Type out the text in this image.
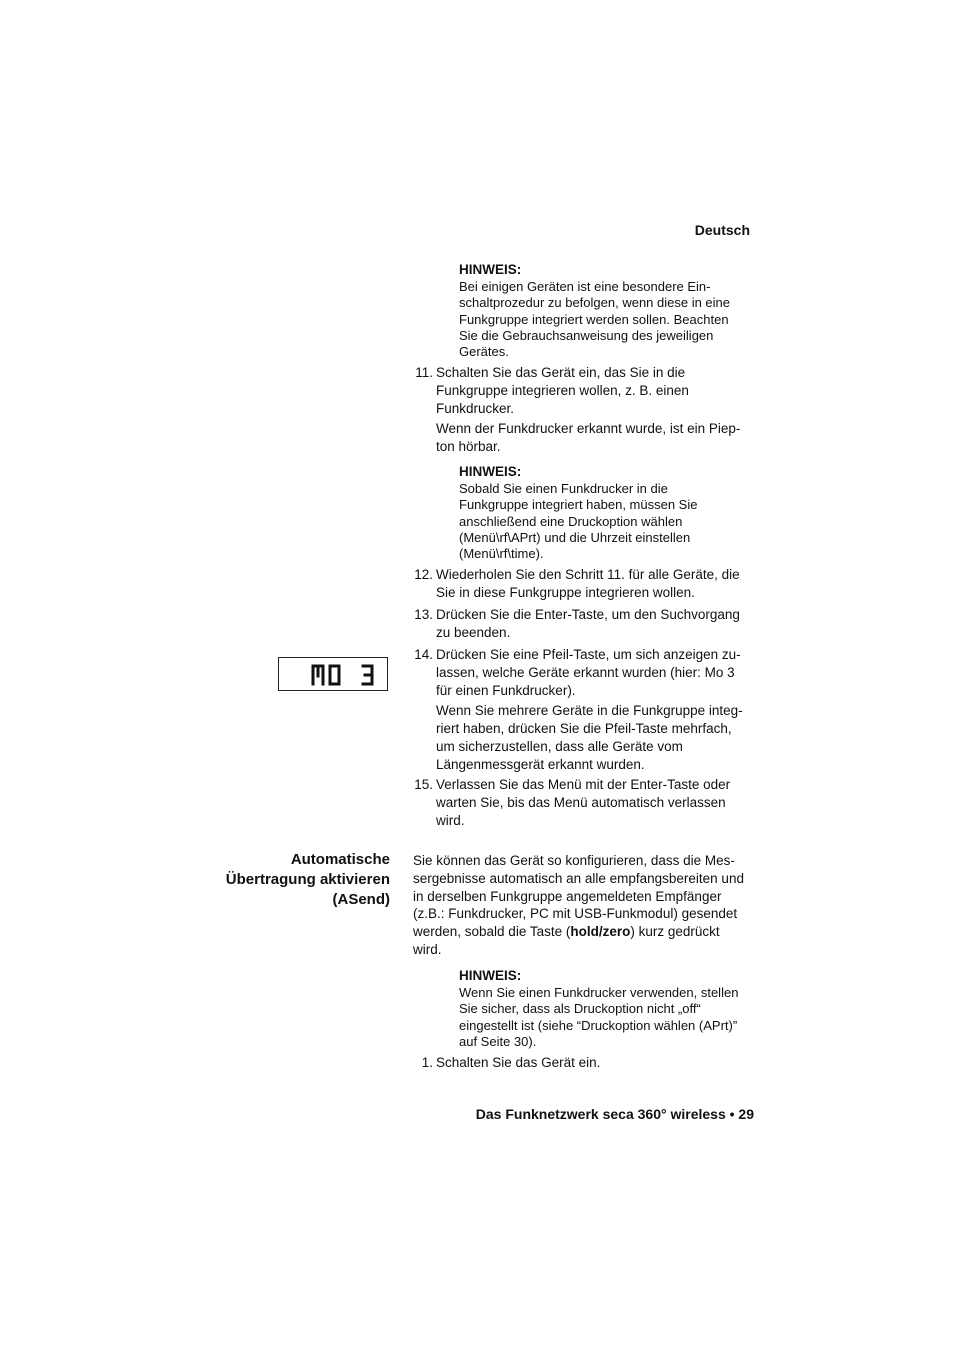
Deutsch
HINWEIS:
Bei einigen Geräten ist eine besondere Ein-
schaltprozedur zu befolgen, wenn diese in eine
Funkgruppe integriert werden sollen. Beachten
Sie die Gebrauchsanweisung des jeweiligen
Gerätes.
11. Schalten Sie das Gerät ein, das Sie in die
Funkgruppe integrieren wollen, z. B. einen
Funkdrucker.

Wenn der Funkdrucker erkannt wurde, ist ein Piep-
ton hörbar.

HINWEIS:
Sobald Sie einen Funkdrucker in die
Funkgruppe integriert haben, müssen Sie
anschließend eine Druckoption wählen
(Menü\rf\APrt) und die Uhrzeit einstellen
(Menü\rf\time).
12. Wiederholen Sie den Schritt 11. für alle Geräte, die
Sie in diese Funkgruppe integrieren wollen.

13. Drücken Sie die Enter-Taste, um den Suchvorgang
zu beenden.

14. Drücken Sie eine Pfeil-Taste, um sich anzeigen zu-
lassen, welche Geräte erkannt wurden (hier: Mo 3
für einen Funkdrucker).

Wenn Sie mehrere Geräte in die Funkgruppe integ-
riert haben, drücken Sie die Pfeil-Taste mehrfach,
um sicherzustellen, dass alle Geräte vom
Längenmessgerät erkannt wurden.

15. Verlassen Sie das Menü mit der Enter-Taste oder
warten Sie, bis das Menü automatisch verlassen
wird.

Automatische
Übertragung aktivieren
(ASend)
Sie können das Gerät so konfigurieren, dass die Mes-
sergebnisse automatisch an alle empfangsbereiten und
in derselben Funkgruppe angemeldeten Empfänger
(z.B.: Funkdrucker, PC mit USB-Funkmodul) gesendet
werden, sobald die Taste (hold/zero) kurz gedrückt
wird.
HINWEIS:
Wenn Sie einen Funkdrucker verwenden, stellen
Sie sicher, dass als Druckoption nicht „off“
eingestellt ist (siehe “Druckoption wählen (APrt)”
auf Seite 30).
1. Schalten Sie das Gerät ein.

Das Funknetzwerk seca 360° wireless • 29
